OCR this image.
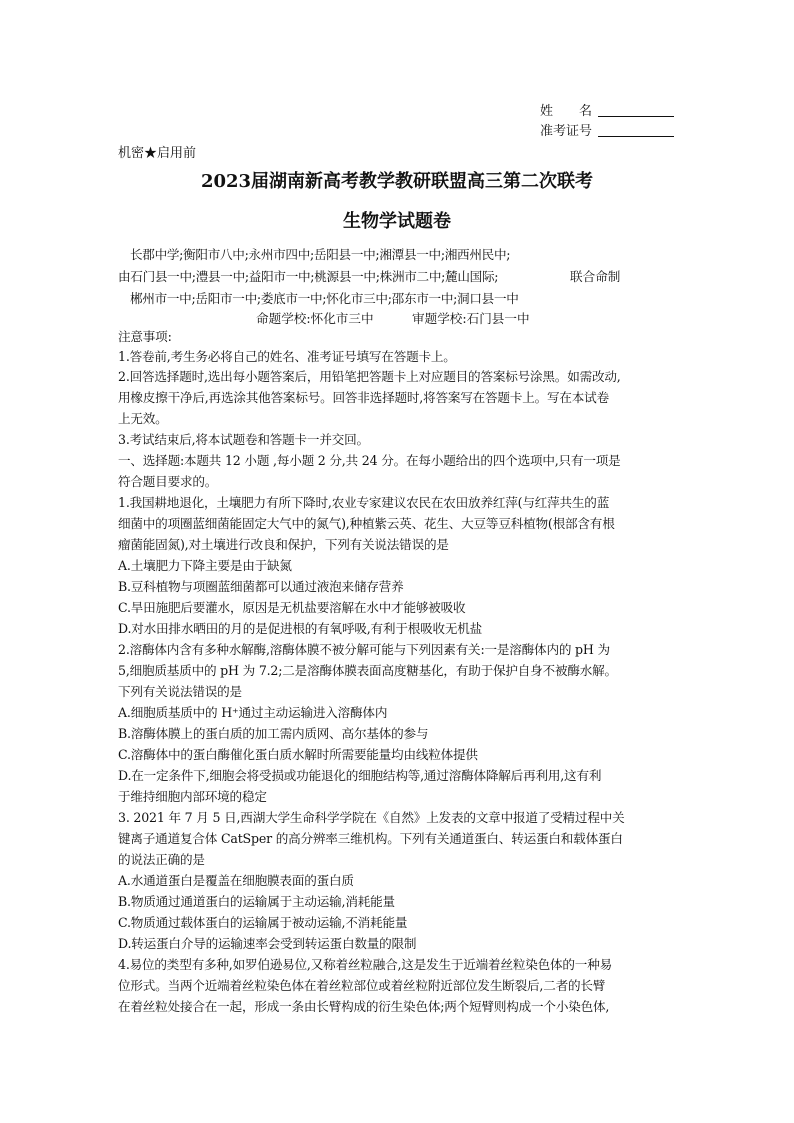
姓　　名
准考证号
机密★启用前
2023届湖南新高考教学教研联盟高三第二次联考
生物学试题卷
长郡中学;衡阳市八中;永州市四中;岳阳县一中;湘潭县一中;湘西州民中;
由石门县一中;澧县一中;益阳市一中;桃源县一中;株洲市二中;麓山国际;	联合命制
郴州市一中;岳阳市一中;娄底市一中;怀化市三中;邵东市一中;洞口县一中
命题学校:怀化市三中	审题学校:石门县一中
注意事项:
1.答卷前,考生务必将自己的姓名、准考证号填写在答题卡上。
2.回答选择题时,选出每小题答案后，用铅笔把答题卡上对应题目的答案标号涂黑。如需改动,
用橡皮擦干净后,再选涂其他答案标号。回答非选择题时,将答案写在答题卡上。写在本试卷
上无效。
3.考试结束后,将本试题卷和答题卡一并交回。
一、选择题:本题共 12 小题 ,每小题 2 分,共 24 分。在每小题给出的四个选项中,只有一项是
符合题目要求的。
1.我国耕地退化，土壤肥力有所下降时,农业专家建议农民在农田放养红萍(与红萍共生的蓝
细菌中的项圈蓝细菌能固定大气中的氮气),种植紫云英、花生、大豆等豆科植物(根部含有根
瘤菌能固氮),对土壤进行改良和保护，下列有关说法错误的是
A.土壤肥力下降主要是由于缺氮
B.豆科植物与项圈蓝细菌都可以通过液泡来储存营养
C.旱田施肥后要灌水，原因是无机盐要溶解在水中才能够被吸收
D.对水田排水晒田的月的是促进根的有氧呼吸,有利于根吸收无机盐
2.溶酶体内含有多种水解酶,溶酶体膜不被分解可能与下列因素有关:一是溶酶体内的 pH 为
5,细胞质基质中的 pH 为 7.2;二是溶酶体膜表面高度糖基化，有助于保护自身不被酶水解。
下列有关说法错误的是
A.细胞质基质中的 H⁺通过主动运输进入溶酶体内
B.溶酶体膜上的蛋白质的加工需内质网、高尔基体的参与
C.溶酶体中的蛋白酶催化蛋白质水解时所需要能量均由线粒体提供
D.在一定条件下,细胞会将受损或功能退化的细胞结构等,通过溶酶体降解后再利用,这有利
于维持细胞内部环境的稳定
3. 2021 年 7 月 5 日,西湖大学生命科学学院在《自然》上发表的文章中报道了受精过程中关
键离子通道复合体 CatSper 的高分辨率三维机构。下列有关通道蛋白、转运蛋白和载体蛋白
的说法正确的是
A.水通道蛋白是覆盖在细胞膜表面的蛋白质
B.物质通过通道蛋白的运输属于主动运输,消耗能量
C.物质通过载体蛋白的运输属于被动运输,不消耗能量
D.转运蛋白介导的运输速率会受到转运蛋白数量的限制
4.易位的类型有多种,如罗伯逊易位,又称着丝粒融合,这是发生于近端着丝粒染色体的一种易
位形式。当两个近端着丝粒染色体在着丝粒部位或着丝粒附近部位发生断裂后,二者的长臂
在着丝粒处接合在一起，形成一条由长臂构成的衍生染色体;两个短臂则构成一个小染色体,
